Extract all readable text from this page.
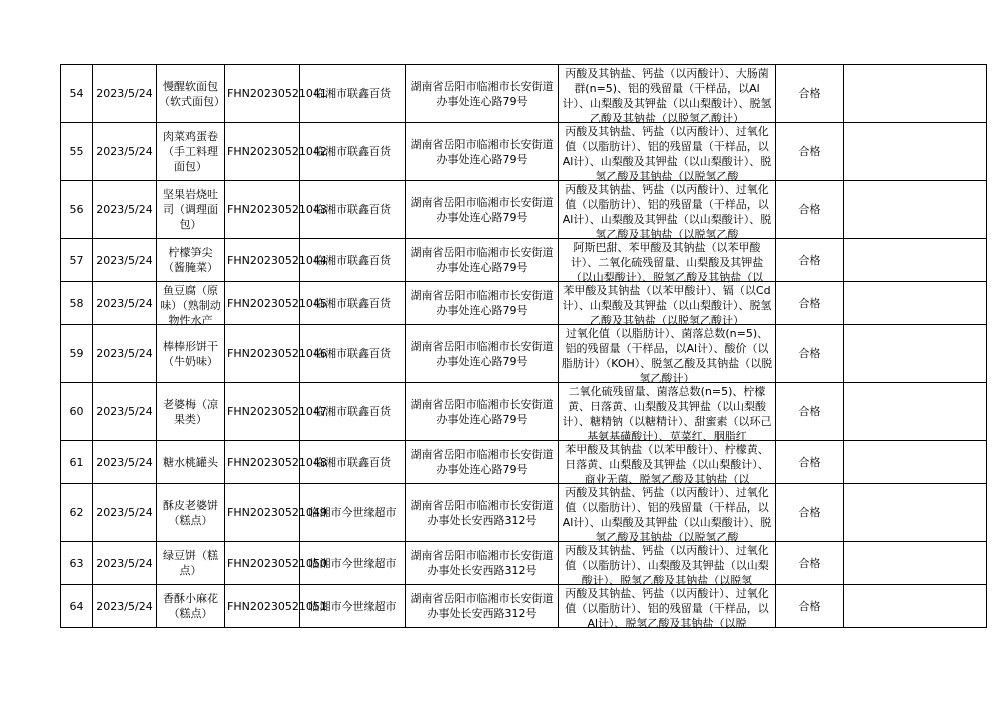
54	2023/5/24	慢醒软面包（软式面包）	FHN20230521041	临湘市联鑫百货	湖南省岳阳市临湘市长安街道办事处连心路79号	丙酸及其钠盐、钙盐（以丙酸计）、大肠菌群(n=5)、铝的残留量（干样品，以Al计）、山梨酸及其钾盐（以山梨酸计）、脱氢乙酸及其钠盐（以脱氢乙酸计）	合格	
55	2023/5/24	肉菜鸡蛋卷（手工料理面包）	FHN20230521042	临湘市联鑫百货	湖南省岳阳市临湘市长安街道办事处连心路79号	丙酸及其钠盐、钙盐（以丙酸计）、过氧化值（以脂肪计）、铝的残留量（干样品，以Al计）、山梨酸及其钾盐（以山梨酸计）、脱氢乙酸及其钠盐（以脱氢乙酸	合格	
56	2023/5/24	坚果岩烧吐司（调理面包）	FHN20230521043	临湘市联鑫百货	湖南省岳阳市临湘市长安街道办事处连心路79号	丙酸及其钠盐、钙盐（以丙酸计）、过氧化值（以脂肪计）、铝的残留量（干样品，以Al计）、山梨酸及其钾盐（以山梨酸计）、脱氢乙酸及其钠盐（以脱氢乙酸	合格	
57	2023/5/24	柠檬笋尖（酱腌菜）	FHN20230521044	临湘市联鑫百货	湖南省岳阳市临湘市长安街道办事处连心路79号	阿斯巴甜、苯甲酸及其钠盐（以苯甲酸计）、二氧化硫残留量、山梨酸及其钾盐（以山梨酸计）、脱氢乙酸及其钠盐（以	合格	
58	2023/5/24	鱼豆腐（原味）（熟制动物性水产	FHN20230521045	临湘市联鑫百货	湖南省岳阳市临湘市长安街道办事处连心路79号	苯甲酸及其钠盐（以苯甲酸计）、镉（以Cd计）、山梨酸及其钾盐（以山梨酸计）、脱氢乙酸及其钠盐（以脱氢乙酸计）	合格	
59	2023/5/24	棒棒形饼干（牛奶味）	FHN20230521046	临湘市联鑫百货	湖南省岳阳市临湘市长安街道办事处连心路79号	过氧化值（以脂肪计）、菌落总数(n=5)、铝的残留量（干样品，以Al计）、酸价（以脂肪计）（KOH）、脱氢乙酸及其钠盐（以脱氢乙酸计）	合格	
60	2023/5/24	老婆梅（凉果类）	FHN20230521047	临湘市联鑫百货	湖南省岳阳市临湘市长安街道办事处连心路79号	二氧化硫残留量、菌落总数(n=5)、柠檬黄、日落黄、山梨酸及其钾盐（以山梨酸计）、糖精钠（以糖精计）、甜蜜素（以环己基氨基磺酸计）、苋菜红、胭脂红	合格	
61	2023/5/24	糖水桃罐头	FHN20230521048	临湘市联鑫百货	湖南省岳阳市临湘市长安街道办事处连心路79号	苯甲酸及其钠盐（以苯甲酸计）、柠檬黄、日落黄、山梨酸及其钾盐（以山梨酸计）、商业无菌、脱氢乙酸及其钠盐（以	合格	
62	2023/5/24	酥皮老婆饼（糕点）	FHN20230521049	临湘市今世缘超市	湖南省岳阳市临湘市长安街道办事处长安西路312号	丙酸及其钠盐、钙盐（以丙酸计）、过氧化值（以脂肪计）、铝的残留量（干样品，以Al计）、山梨酸及其钾盐（以山梨酸计）、脱氢乙酸及其钠盐（以脱氢乙酸	合格	
63	2023/5/24	绿豆饼（糕点）	FHN20230521050	临湘市今世缘超市	湖南省岳阳市临湘市长安街道办事处长安西路312号	丙酸及其钠盐、钙盐（以丙酸计）、过氧化值（以脂肪计）、山梨酸及其钾盐（以山梨酸计）、脱氢乙酸及其钠盐（以脱氢	合格	
64	2023/5/24	香酥小麻花（糕点）	FHN20230521051	临湘市今世缘超市	湖南省岳阳市临湘市长安街道办事处长安西路312号	丙酸及其钠盐、钙盐（以丙酸计）、过氧化值（以脂肪计）、铝的残留量（干样品，以Al计）、脱氢乙酸及其钠盐（以脱	合格	
